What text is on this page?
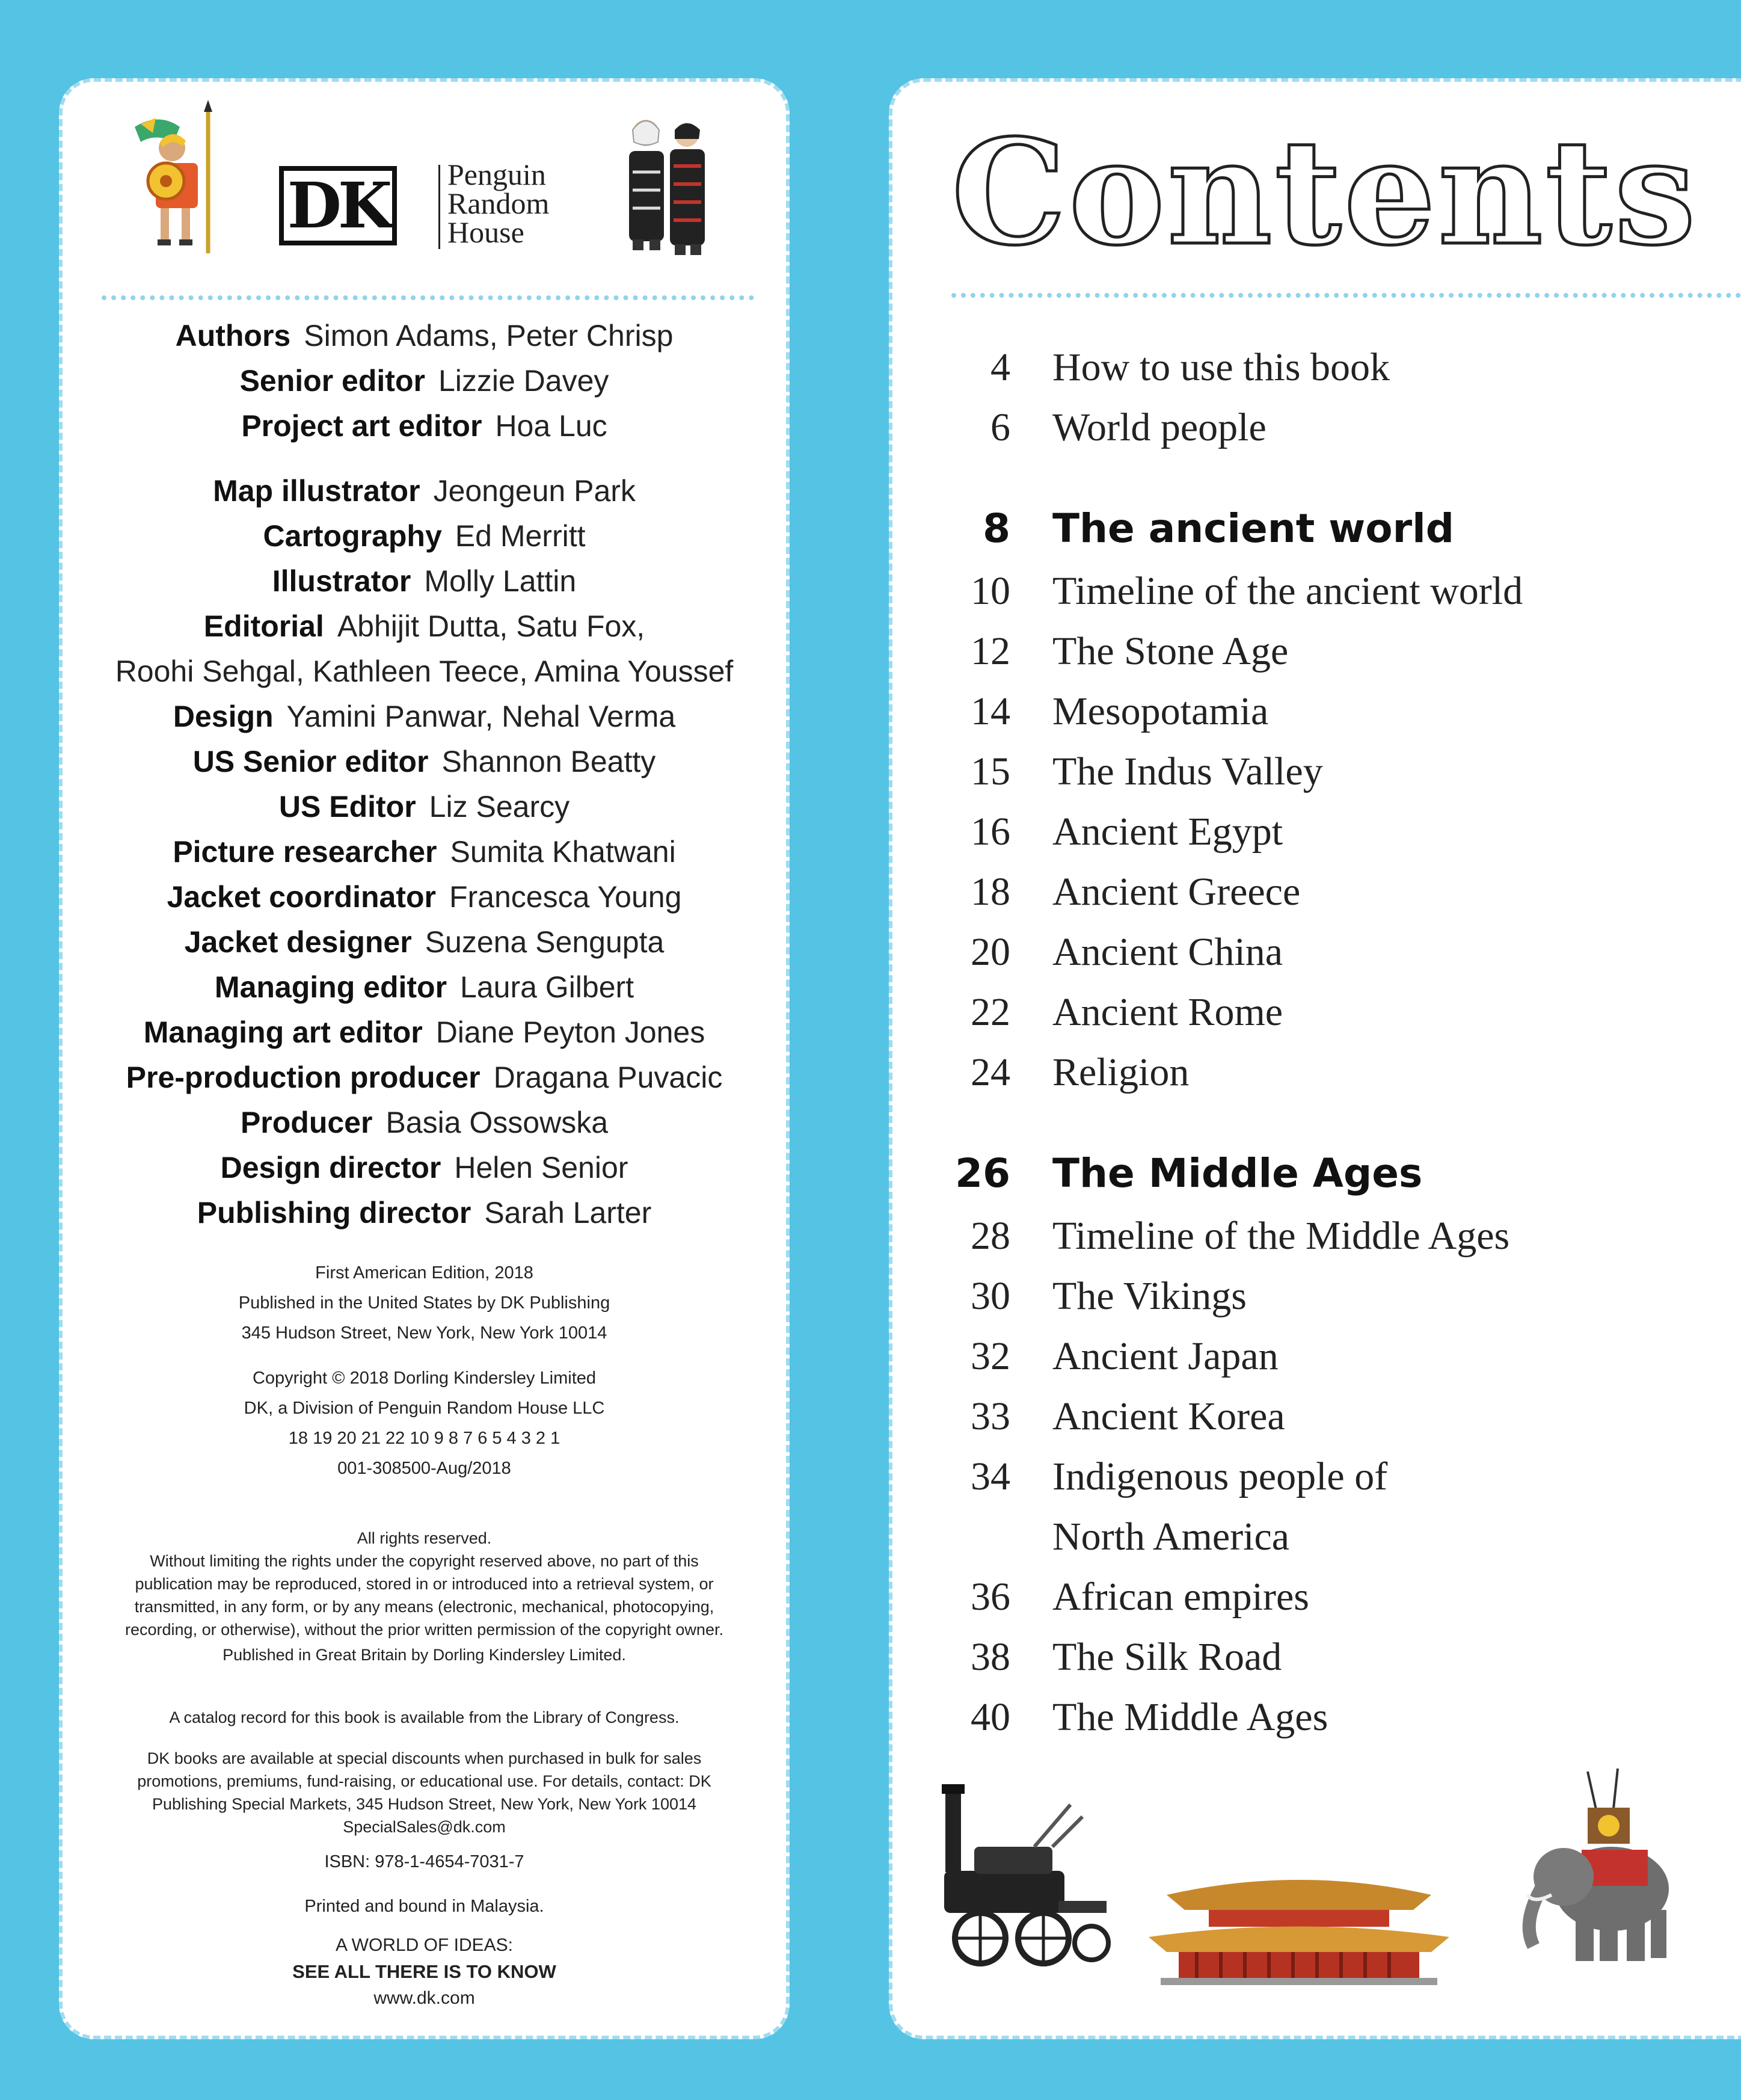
DK Penguin
Random
House
Authors Simon Adams, Peter Chrisp
Senior editor Lizzie Davey
Project art editor Hoa Luc
Map illustrator Jeongeun Park
Cartography Ed Merritt
Illustrator Molly Lattin
Editorial Abhijit Dutta, Satu Fox,
Roohi Sehgal, Kathleen Teece, Amina Youssef
Design Yamini Panwar, Nehal Verma
US Senior editor Shannon Beatty
US Editor Liz Searcy
Picture researcher Sumita Khatwani
Jacket coordinator Francesca Young
Jacket designer Suzena Sengupta
Managing editor Laura Gilbert
Managing art editor Diane Peyton Jones
Pre-production producer Dragana Puvacic
Producer Basia Ossowska
Design director Helen Senior
Publishing director Sarah Larter

First American Edition, 2018

Published in the United States by DK Publishing

345 Hudson Street, New York, New York 10014

Copyright © 2018 Dorling Kindersley Limited

DK, a Division of Penguin Random House LLC

18 19 20 21 22 10 9 8 7 6 5 4 3 2 1

001-308500-Aug/2018

All rights reserved.

Without limiting the rights under the copyright reserved above, no part of this

publication may be reproduced, stored in or introduced into a retrieval system, or

transmitted, in any form, or by any means (electronic, mechanical, photocopying,

recording, or otherwise), without the prior written permission of the copyright owner.

Published in Great Britain by Dorling Kindersley Limited.

A catalog record for this book is available from the Library of Congress.

DK books are available at special discounts when purchased in bulk for sales

promotions, premiums, fund-raising, or educational use. For details, contact: DK

Publishing Special Markets, 345 Hudson Street, New York, New York 10014

SpecialSales@dk.com

ISBN: 978-1-4654-7031-7

Printed and bound in Malaysia.

A WORLD OF IDEAS:

SEE ALL THERE IS TO KNOW

www.dk.com

Contents
4 How to use this book
6 World people
8 The ancient world
10 Timeline of the ancient world
12 The Stone Age
14 Mesopotamia
15 The Indus Valley
16 Ancient Egypt
18 Ancient Greece
20 Ancient China
22 Ancient Rome
24 Religion
26 The Middle Ages
28 Timeline of the Middle Ages
30 The Vikings
32 Ancient Japan
33 Ancient Korea
34 Indigenous people of
North America
36 African empires
38 The Silk Road
40 The Middle Ages
